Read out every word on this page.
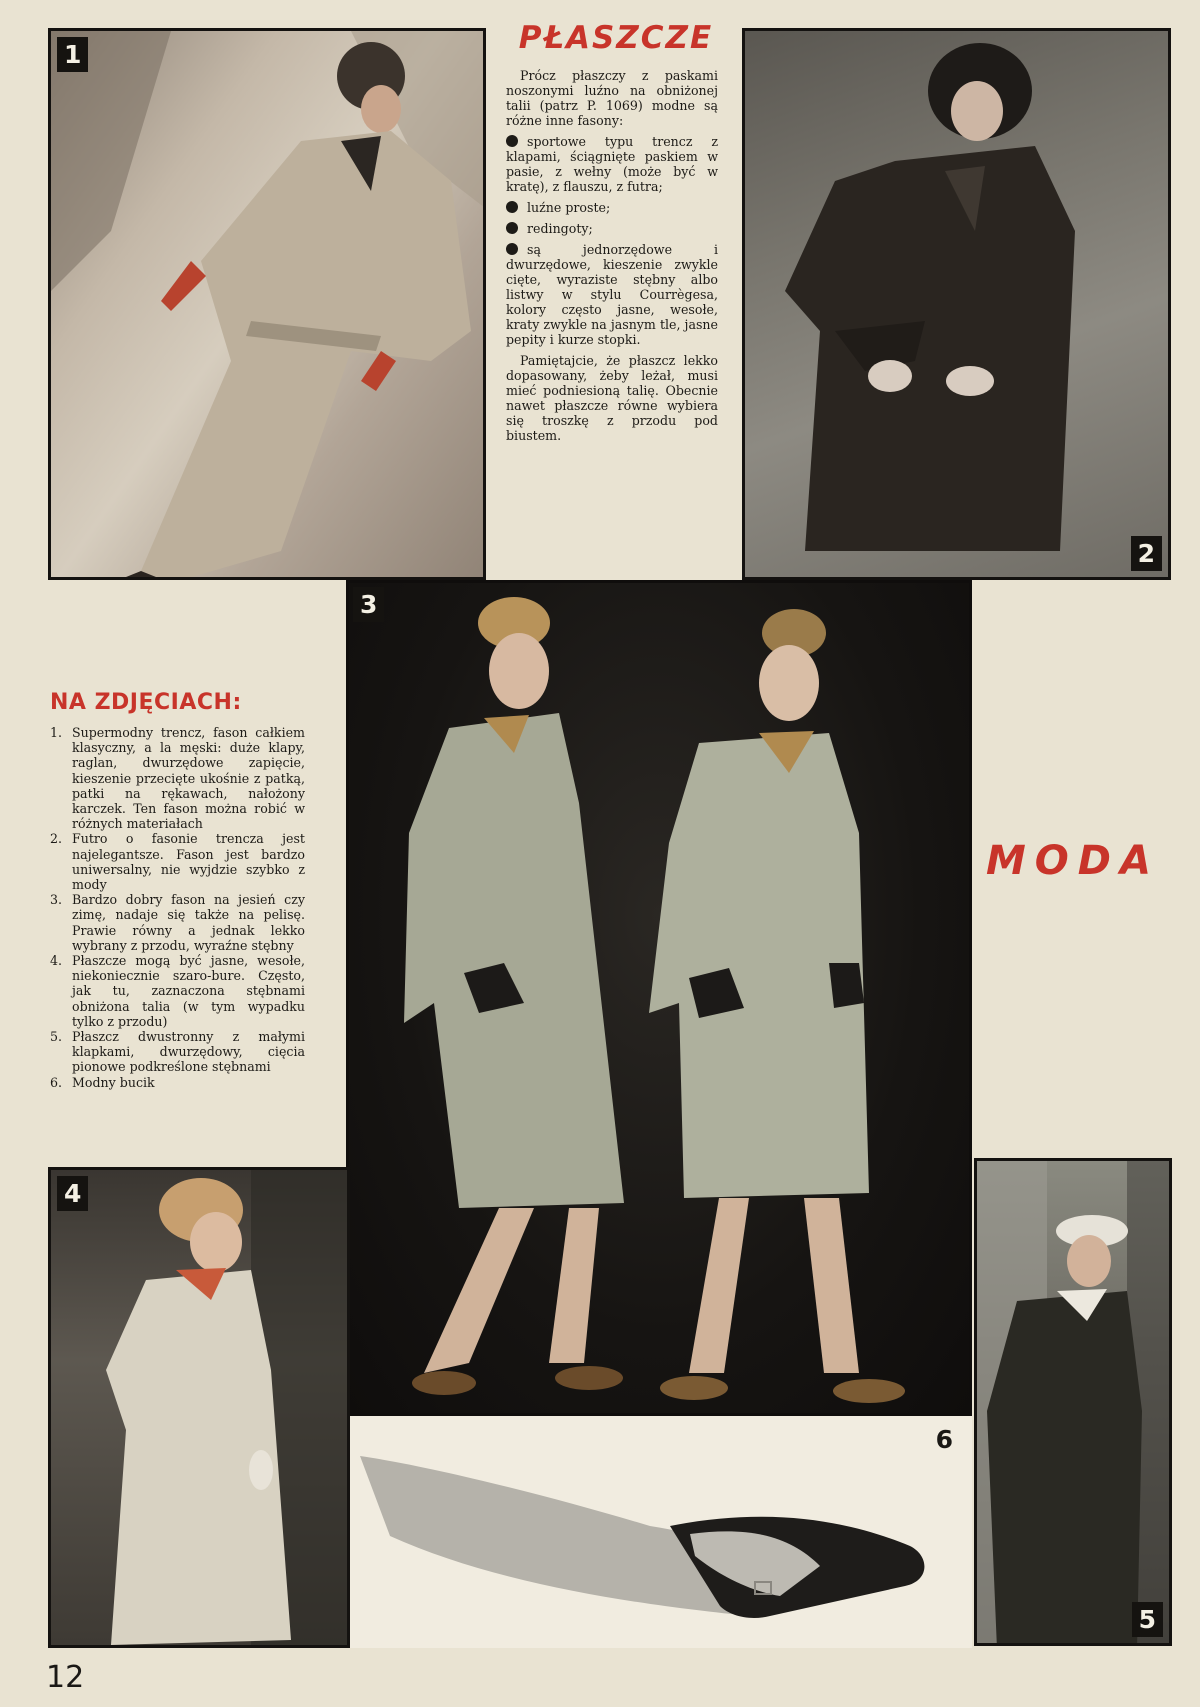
1	PŁASZCZE

Prócz płaszczy z paskami noszonymi luźno na obniżonej talii (patrz P. 1069) modne są różne inne fasony:

sportowe typu trencz z klapami, ściągnięte paskiem w pasie, z wełny (może być w kratę), z flauszu, z futra;

luźne proste;

redingoty;

są jednorzędowe i dwurzędowe, kieszenie zwykle cięte, wyraziste stębny albo listwy w stylu Courrègesa, kolory często jasne, wesołe, kraty zwykle na jasnym tle, jasne pepity i kurze stopki.

Pamiętajcie, że płaszcz lekko dopasowany, żeby leżał, musi mieć podniesioną talię. Obecnie nawet płaszcze równe wybiera się troszkę z przodu pod biustem.

2
NA ZDJĘCIACH:
1. Supermodny trencz, fason całkiem klasyczny, a la męski: duże klapy, raglan, dwurzędowe zapięcie, kieszenie przecięte ukośnie z patką, patki na rękawach, nałożony karczek. Ten fason można robić w różnych materiałach
2. Futro o fasonie trencza jest najelegantsze. Fason jest bardzo uniwersalny, nie wyjdzie szybko z mody
3. Bardzo dobry fason na jesień czy zimę, nadaje się także na pelisę. Prawie równy a jednak lekko wybrany z przodu, wyraźne stębny
4. Płaszcze mogą być jasne, wesołe, niekoniecznie szaro-bure. Często, jak tu, zaznaczona stębnami obniżona talia (w tym wypadku tylko z przodu)
5. Płaszcz dwustronny z małymi klapkami, dwurzędowy, cięcia pionowe podkreślone stębnami
6. Modny bucik
3
MODA
4
6
5
12
